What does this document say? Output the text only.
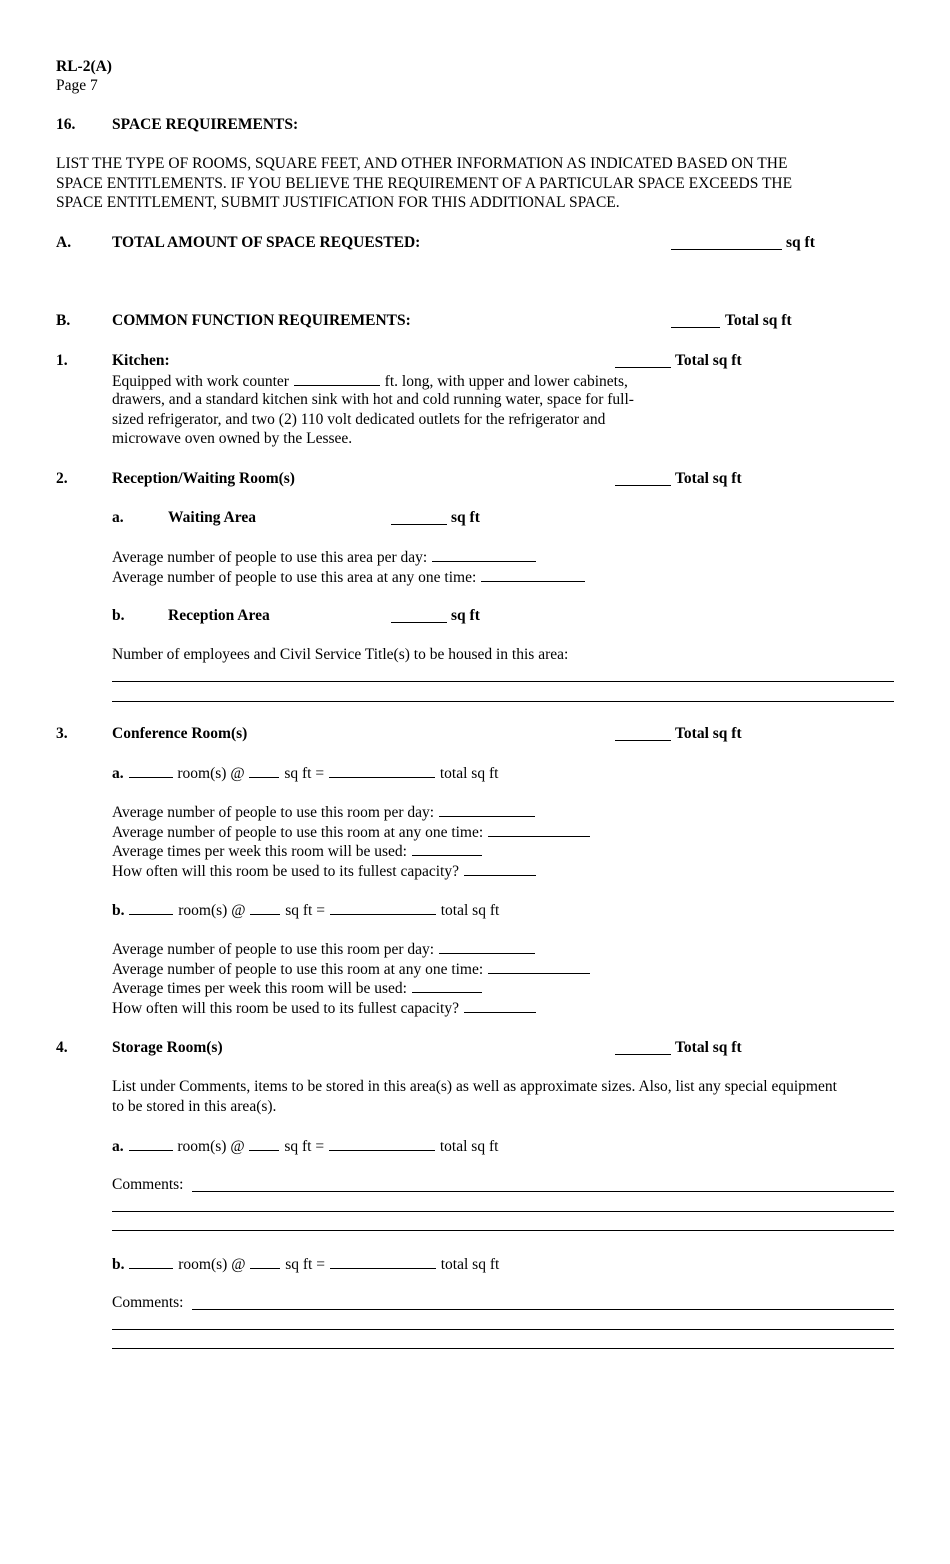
RL-2(A)
Page 7
16. SPACE REQUIREMENTS:
LIST THE TYPE OF ROOMS, SQUARE FEET, AND OTHER INFORMATION AS INDICATED BASED ON THE
SPACE ENTITLEMENTS. IF YOU BELIEVE THE REQUIREMENT OF A PARTICULAR SPACE EXCEEDS THE
SPACE ENTITLEMENT, SUBMIT JUSTIFICATION FOR THIS ADDITIONAL SPACE.
A.	TOTAL AMOUNT OF SPACE REQUESTED:	sq ft
B.	COMMON FUNCTION REQUIREMENTS:	Total sq ft
1.	Kitchen:	Total sq ft
Equipped with work counter	ft. long, with upper and lower cabinets,
drawers, and a standard kitchen sink with hot and cold running water, space for full-
sized refrigerator, and two (2) 110 volt dedicated outlets for the refrigerator and
microwave oven owned by the Lessee.
2.	Reception/Waiting Room(s)	Total sq ft
a.	Waiting Area	sq ft
Average number of people to use this area per day:
Average number of people to use this area at any one time:
b.	Reception Area	sq ft
Number of employees and Civil Service Title(s) to be housed in this area:
3.	Conference Room(s)	Total sq ft
a.	room(s) @	sq ft =	total sq ft
Average number of people to use this room per day:
Average number of people to use this room at any one time:
Average times per week this room will be used:
How often will this room be used to its fullest capacity?
b.	room(s) @	sq ft =	total sq ft
Average number of people to use this room per day:
Average number of people to use this room at any one time:
Average times per week this room will be used:
How often will this room be used to its fullest capacity?
4.	Storage Room(s)	Total sq ft
List under Comments, items to be stored in this area(s) as well as approximate sizes. Also, list any special equipment
to be stored in this area(s).
a.	room(s) @	sq ft =	total sq ft
Comments:
b.	room(s) @	sq ft =	total sq ft
Comments:
